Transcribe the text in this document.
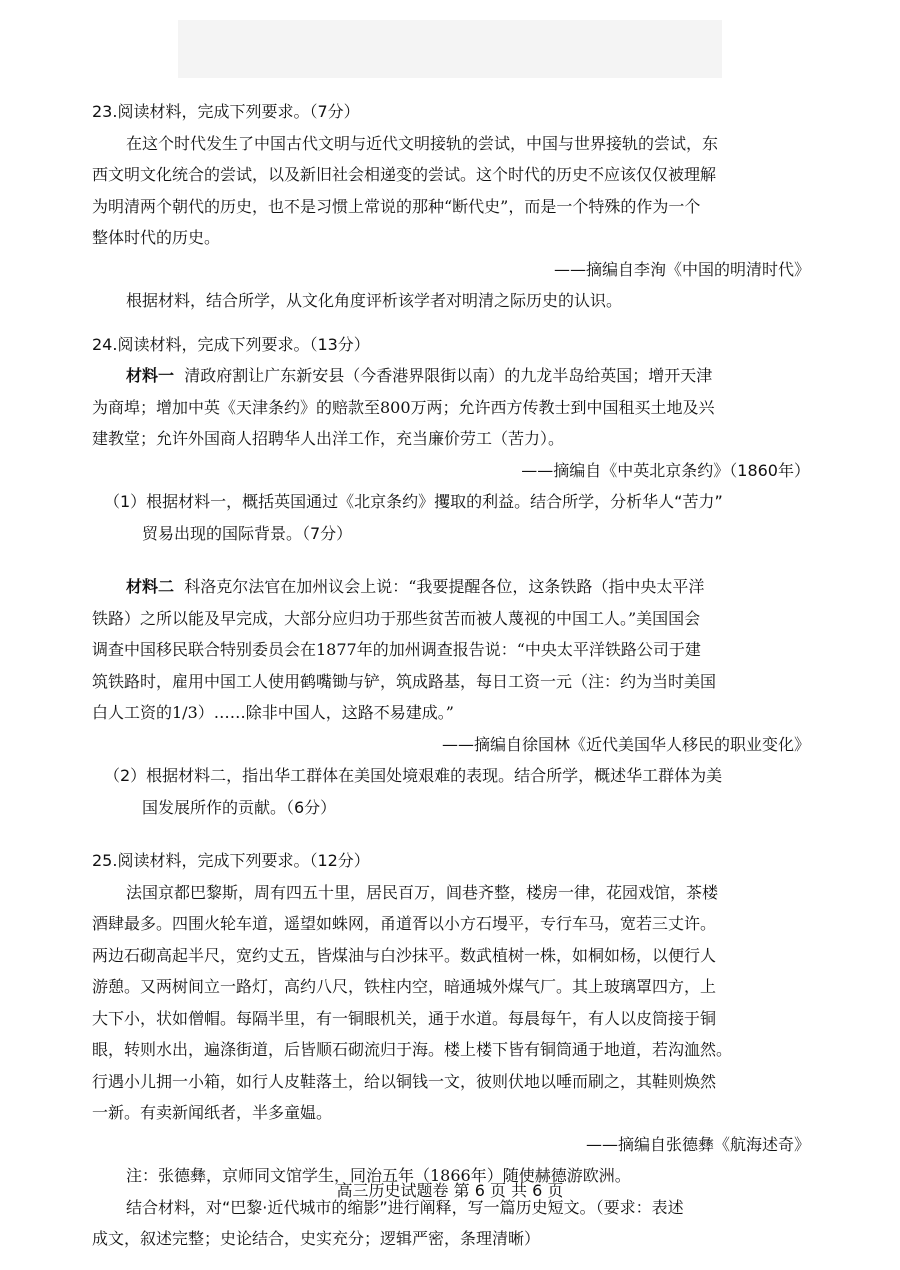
23.阅读材料，完成下列要求。（7分）
在这个时代发生了中国古代文明与近代文明接轨的尝试，中国与世界接轨的尝试，东
西文明文化统合的尝试，以及新旧社会相递变的尝试。这个时代的历史不应该仅仅被理解
为明清两个朝代的历史，也不是习惯上常说的那种“断代史”，而是一个特殊的作为一个
整体时代的历史。
——摘编自李洵《中国的明清时代》
根据材料，结合所学，从文化角度评析该学者对明清之际历史的认识。
24.阅读材料，完成下列要求。（13分）
材料一 清政府割让广东新安县（今香港界限街以南）的九龙半岛给英国；增开天津
为商埠；增加中英《天津条约》的赔款至800万两；允许西方传教士到中国租买土地及兴
建教堂；允许外国商人招聘华人出洋工作，充当廉价劳工（苦力）。
——摘编自《中英北京条约》（1860年）
（1）根据材料一，概括英国通过《北京条约》攫取的利益。结合所学，分析华人“苦力”
贸易出现的国际背景。（7分）
材料二 科洛克尔法官在加州议会上说：“我要提醒各位，这条铁路（指中央太平洋
铁路）之所以能及早完成，大部分应归功于那些贫苦而被人蔑视的中国工人。”美国国会
调查中国移民联合特别委员会在1877年的加州调查报告说：“中央太平洋铁路公司于建
筑铁路时，雇用中国工人使用鹤嘴锄与铲，筑成路基，每日工资一元（注：约为当时美国
白人工资的1/3）……除非中国人，这路不易建成。”
——摘编自徐国林《近代美国华人移民的职业变化》
（2）根据材料二，指出华工群体在美国处境艰难的表现。结合所学，概述华工群体为美
国发展所作的贡献。（6分）
25.阅读材料，完成下列要求。（12分）
法国京都巴黎斯，周有四五十里，居民百万，闾巷齐整，楼房一律，花园戏馆，茶楼
酒肆最多。四围火轮车道，遥望如蛛网，甬道胥以小方石墁平，专行车马，宽若三丈许。
两边石砌高起半尺，宽约丈五，皆煤油与白沙抹平。数武植树一株，如桐如杨，以便行人
游憩。又两树间立一路灯，高约八尺，铁柱内空，暗通城外煤气厂。其上玻璃罩四方，上
大下小，状如僧帽。每隔半里，有一铜眼机关，通于水道。每晨每午，有人以皮筒接于铜
眼，转则水出，遍涤街道，后皆顺石砌流归于海。楼上楼下皆有铜筒通于地道，若沟洫然。
行遇小儿拥一小箱，如行人皮鞋落土，给以铜钱一文，彼则伏地以唾而刷之，其鞋则焕然
一新。有卖新闻纸者，半多童媪。
——摘编自张德彝《航海述奇》
注：张德彝，京师同文馆学生，同治五年（1866年）随使赫德游欧洲。
结合材料，对“巴黎·近代城市的缩影”进行阐释，写一篇历史短文。（要求：表述
成文，叙述完整；史论结合，史实充分；逻辑严密，条理清晰）
高三历史试题卷 第 6 页 共 6 页
